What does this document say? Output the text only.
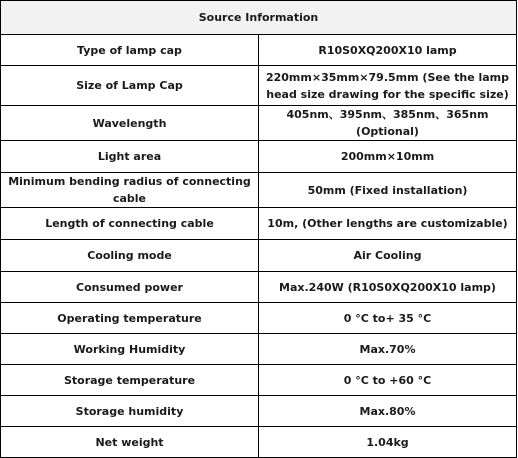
Source Information	
Type of lamp cap	R10S0XQ200X10 lamp
Size of Lamp Cap	220mm×35mm×79.5mm (See the lamp head size drawing for the specific size)
Wavelength	405nm、395nm、385nm、365nm (Optional)
Light area	200mm×10mm
Minimum bending radius of connecting cable	50mm (Fixed installation)
Length of connecting cable	10m, (Other lengths are customizable)
Cooling mode	Air Cooling
Consumed power	Max.240W (R10S0XQ200X10 lamp)
Operating temperature	0 °C to+ 35 °C
Working Humidity	Max.70%
Storage temperature	0 °C to +60 °C
Storage humidity	Max.80%
Net weight	1.04kg
